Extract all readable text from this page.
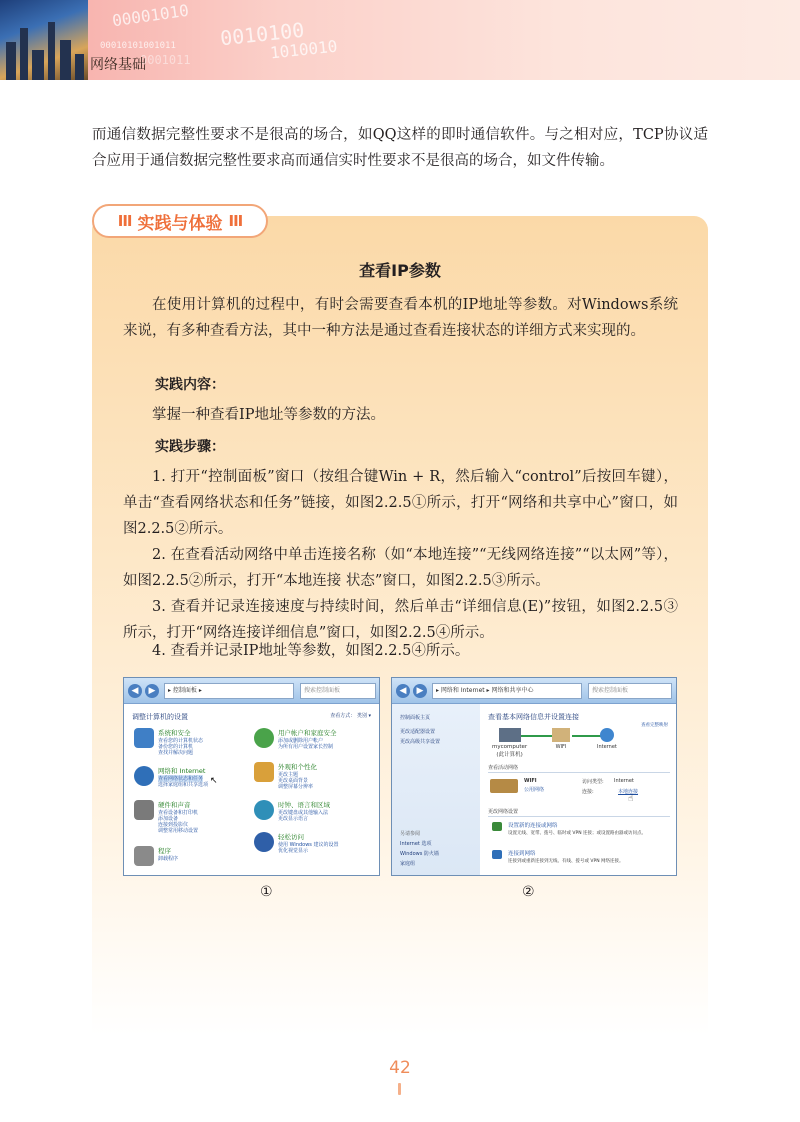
00001010
0010100
1010010
00010101001011
0001011
网络基础

而通信数据完整性要求不是很高的场合，如QQ这样的即时通信软件。与之相对应，TCP协议适合应用于通信数据完整性要求高而通信实时性要求不是很高的场合，如文件传输。

III 实践与体验 III
查看IP参数

在使用计算机的过程中，有时会需要查看本机的IP地址等参数。对Windows系统来说，有多种查看方法，其中一种方法是通过查看连接状态的详细方式来实现的。

实践内容：

掌握一种查看IP地址等参数的方法。

实践步骤：

1. 打开“控制面板”窗口（按组合键Win + R，然后输入“control”后按回车键），单击“查看网络状态和任务”链接，如图2.2.5①所示，打开“网络和共享中心”窗口，如图2.2.5②所示。

2. 在查看活动网络中单击连接名称（如“本地连接”“无线网络连接”“以太网”等），如图2.2.5②所示，打开“本地连接 状态”窗口，如图2.2.5③所示。

3. 查看并记录连接速度与持续时间，然后单击“详细信息(E)”按钮，如图2.2.5③所示，打开“网络连接详细信息”窗口，如图2.2.5④所示。

4. 查看并记录IP地址等参数，如图2.2.5④所示。

◀	▶	▸ 控制面板 ▸	搜索控制面板
调整计算机的设置	查看方式： 类别 ▾
系统和安全
查看您的计算机状态
备份您的计算机
查找并解决问题
用户帐户和家庭安全
添加或删除用户帐户
为所有用户设置家长控制
网络和 Internet
查看网络状态和任务
选择家庭组和共享选项
外观和个性化
更改主题
更改桌面背景
调整屏幕分辨率
硬件和声音
查看设备和打印机
添加设备
连接到投影仪
调整常用移动设置
时钟、语言和区域
更改键盘或其他输入法
更改显示语言
程序
卸载程序
轻松访问
使用 Windows 建议的设置
优化视觉显示
↖
◀	▶	▸ 网络和 Internet ▸ 网络和共享中心	搜索控制面板
控制面板主页
更改适配器设置
更改高级共享设置
另请参阅
Internet 选项
Windows 防火墙
家庭组
查看基本网络信息并设置连接
查看完整映射
mycomputer
(此计算机)
WIFI	Internet
查看活动网络
WIFI
公用网络
访问类型: Internet
连接:	本地连接
☝
更改网络设置
设置新的连接或网络
设置无线、宽带、拨号、临时或 VPN 连接；或设置路由器或访问点。
连接到网络
连接到或重新连接到无线、有线、拨号或 VPN 网络连接。
①	②
42
